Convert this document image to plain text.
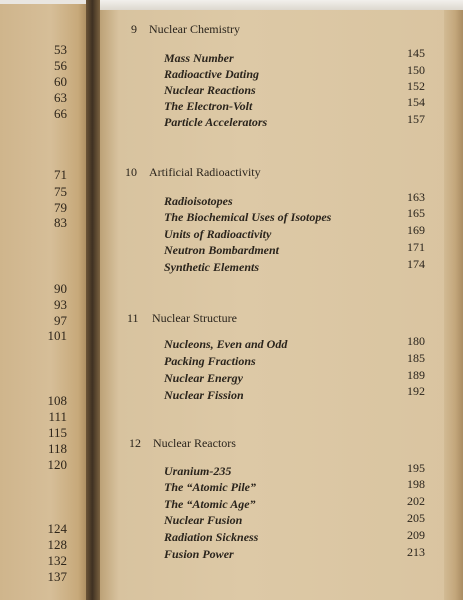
53
56
60
63
66
71
75
79
83
90
93
97
101
108
111
115
118
120
124
128
132
137
9 Nuclear Chemistry
Mass Number	145
Radioactive Dating	150
Nuclear Reactions	152
The Electron-Volt	154
Particle Accelerators	157
10 Artificial Radioactivity
Radioisotopes	163
The Biochemical Uses of Isotopes	165
Units of Radioactivity	169
Neutron Bombardment	171
Synthetic Elements	174
11 Nuclear Structure
Nucleons, Even and Odd	180
Packing Fractions	185
Nuclear Energy	189
Nuclear Fission	192
12 Nuclear Reactors
Uranium-235	195
The “Atomic Pile”	198
The “Atomic Age”	202
Nuclear Fusion	205
Radiation Sickness	209
Fusion Power	213
